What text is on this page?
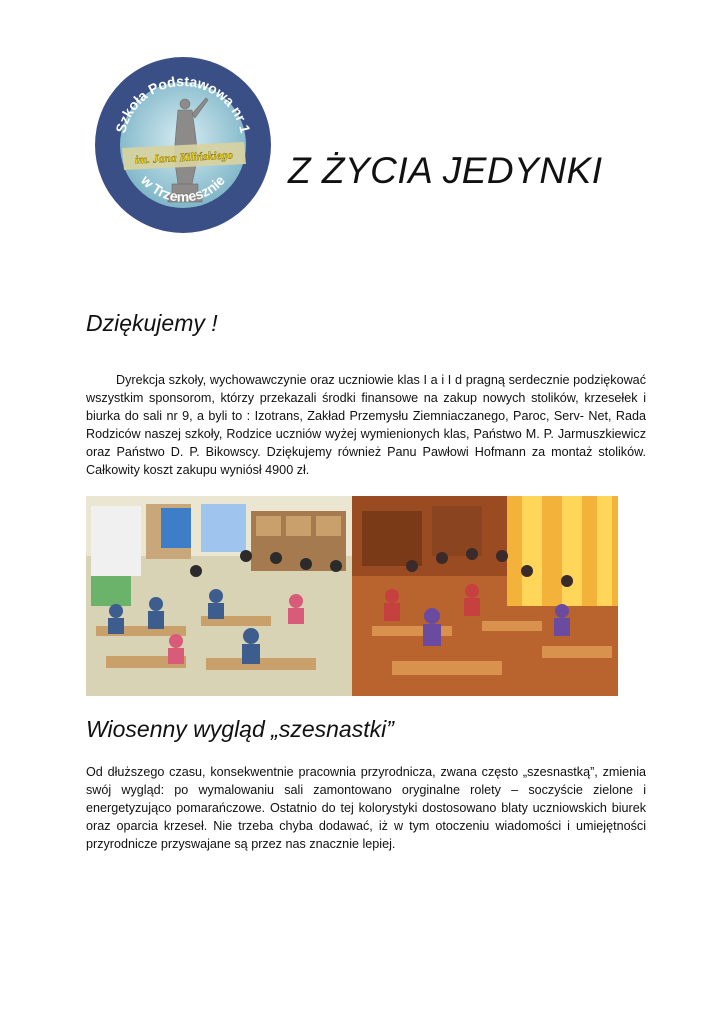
Szkoła Podstawowa nr 1
im. Jana Kilińskiego
w Trzemesznie Z ŻYCIA JEDYNKI
Dziękujemy !

Dyrekcja szkoły, wychowawczynie oraz uczniowie klas I a i I d pragną serdecznie podziękować wszystkim sponsorom, którzy przekazali środki finansowe na zakup nowych stolików, krzesełek i biurka do sali nr 9, a byli to : Izotrans, Zakład Przemysłu Ziemniaczanego, Paroc, Serv- Net, Rada Rodziców naszej szkoły, Rodzice uczniów wyżej wymienionych klas, Państwo M. P. Jarmuszkiewicz oraz Państwo D. P. Bikowscy. Dziękujemy również Panu Pawłowi Hofmann za montaż stolików. Całkowity koszt zakupu wyniósł 4900 zł.

Wiosenny wygląd „szesnastki”

Od dłuższego czasu, konsekwentnie pracownia przyrodnicza, zwana często „szesnastką”, zmienia swój wygląd: po wymalowaniu sali zamontowano oryginalne rolety – soczyście zielone i energetyzująco pomarańczowe. Ostatnio do tej kolorystyki dostosowano blaty uczniowskich biurek oraz oparcia krzeseł. Nie trzeba chyba dodawać, iż w tym otoczeniu wiadomości i umiejętności przyrodnicze przyswajane są przez nas znacznie lepiej.
